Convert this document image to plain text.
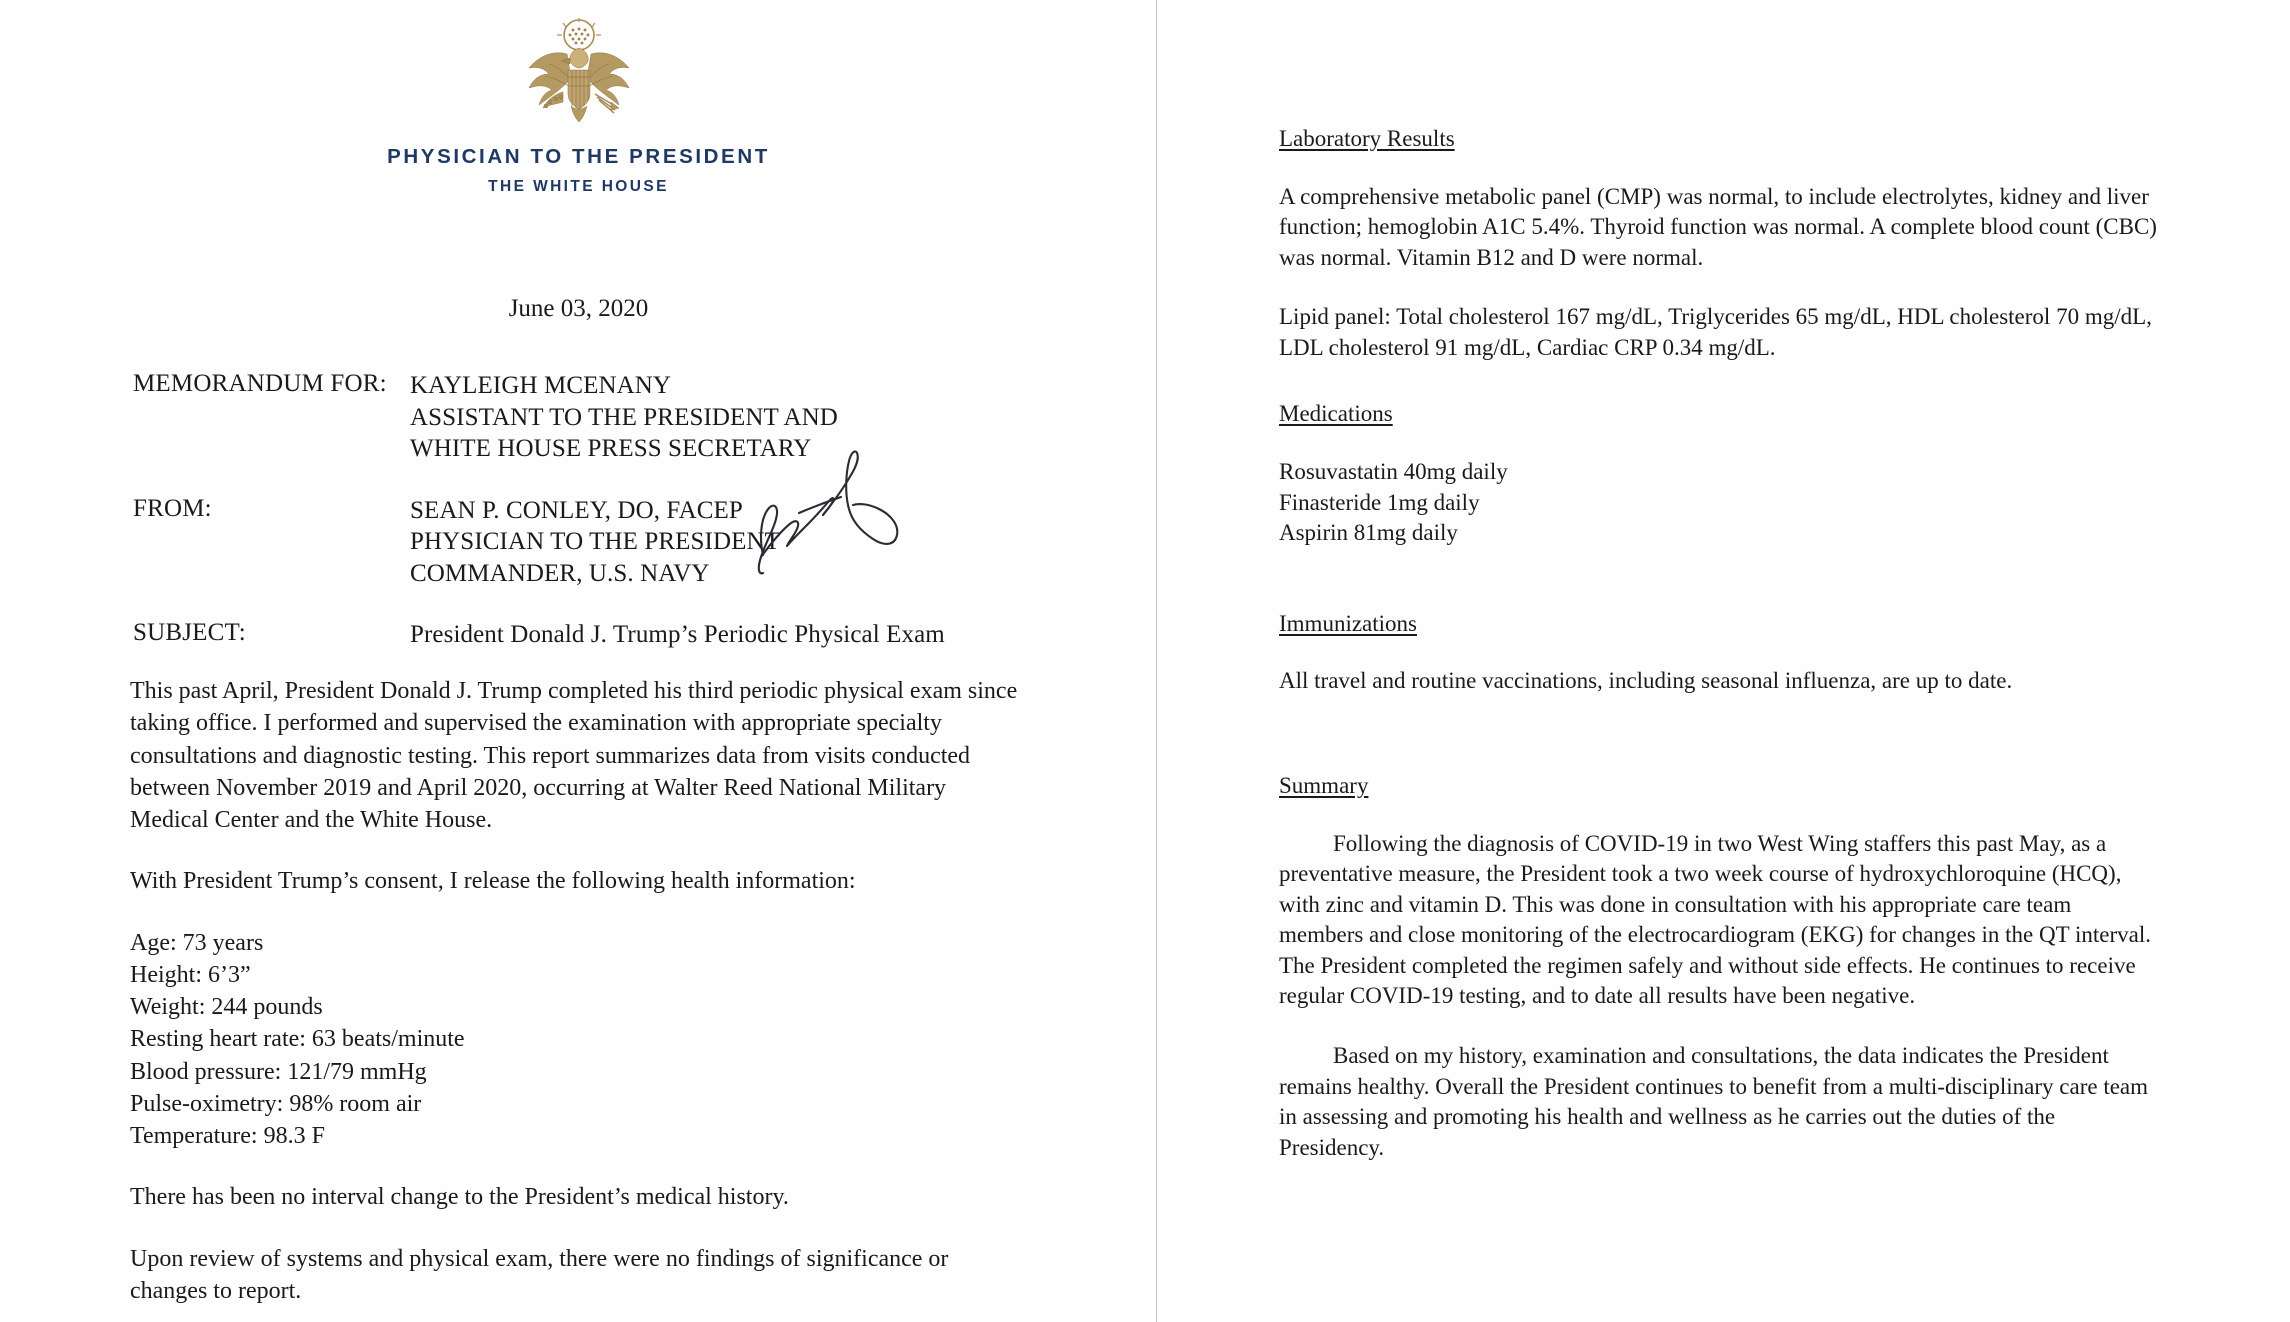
PHYSICIAN TO THE PRESIDENT
THE WHITE HOUSE
June 03, 2020
MEMORANDUM FOR: KAYLEIGH MCENANY
ASSISTANT TO THE PRESIDENT AND
WHITE HOUSE PRESS SECRETARY
FROM:	SEAN P. CONLEY, DO, FACEP
PHYSICIAN TO THE PRESIDENT
COMMANDER, U.S. NAVY
SUBJECT:	President Donald J. Trump’s Periodic Physical Exam

This past April, President Donald J. Trump completed his third periodic physical exam since taking office. I performed and supervised the examination with appropriate specialty consultations and diagnostic testing. This report summarizes data from visits conducted between November 2019 and April 2020, occurring at Walter Reed National Military Medical Center and the White House.

With President Trump’s consent, I release the following health information:

Age: 73 years
Height: 6’3”
Weight: 244 pounds
Resting heart rate: 63 beats/minute
Blood pressure: 121/79 mmHg
Pulse-oximetry: 98% room air
Temperature: 98.3 F

There has been no interval change to the President’s medical history.

Upon review of systems and physical exam, there were no findings of significance or changes to report.

Laboratory Results

A comprehensive metabolic panel (CMP) was normal, to include electrolytes, kidney and liver function; hemoglobin A1C 5.4%. Thyroid function was normal. A complete blood count (CBC) was normal. Vitamin B12 and D were normal.

Lipid panel: Total cholesterol 167 mg/dL, Triglycerides 65 mg/dL, HDL cholesterol 70 mg/dL, LDL cholesterol 91 mg/dL, Cardiac CRP 0.34 mg/dL.

Medications
Rosuvastatin 40mg daily
Finasteride 1mg daily
Aspirin 81mg daily
Immunizations

All travel and routine vaccinations, including seasonal influenza, are up to date.

Summary

Following the diagnosis of COVID-19 in two West Wing staffers this past May, as a preventative measure, the President took a two week course of hydroxychloroquine (HCQ), with zinc and vitamin D. This was done in consultation with his appropriate care team members and close monitoring of the electrocardiogram (EKG) for changes in the QT interval. The President completed the regimen safely and without side effects. He continues to receive regular COVID-19 testing, and to date all results have been negative.

Based on my history, examination and consultations, the data indicates the President remains healthy. Overall the President continues to benefit from a multi-disciplinary care team in assessing and promoting his health and wellness as he carries out the duties of the Presidency.
